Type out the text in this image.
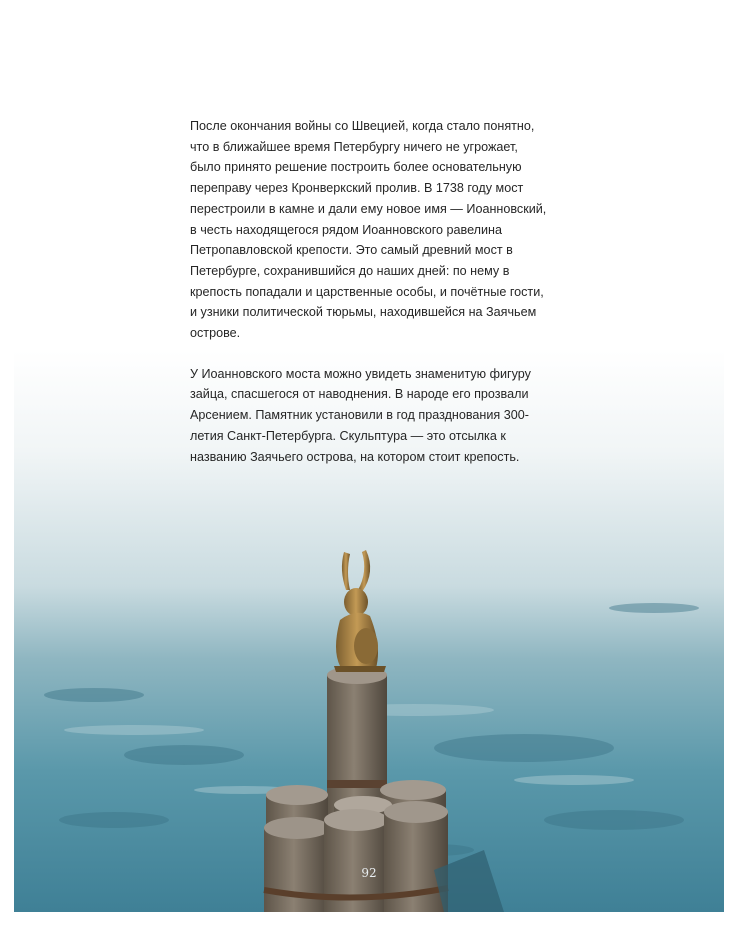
После окончания войны со Швецией, когда стало понятно, что в ближайшее время Петербургу ничего не угрожает, было принято решение построить более основательную переправу через Кронверкский пролив. В 1738 году мост перестроили в камне и дали ему новое имя — Иоанновский, в честь находящегося рядом Иоанновского равелина Петропавловской крепости. Это самый древний мост в Петербурге, сохранившийся до наших дней: по нему в крепость попадали и царственные особы, и почётные гости, и узники политической тюрьмы, находившейся на Заячьем острове.

У Иоанновского моста можно увидеть знаменитую фигуру зайца, спасшегося от наводнения. В народе его прозвали Арсением. Памятник установили в год празднования 300-летия Санкт-Петербурга. Скульптура — это отсылка к названию Заячьего острова, на котором стоит крепость.

92
